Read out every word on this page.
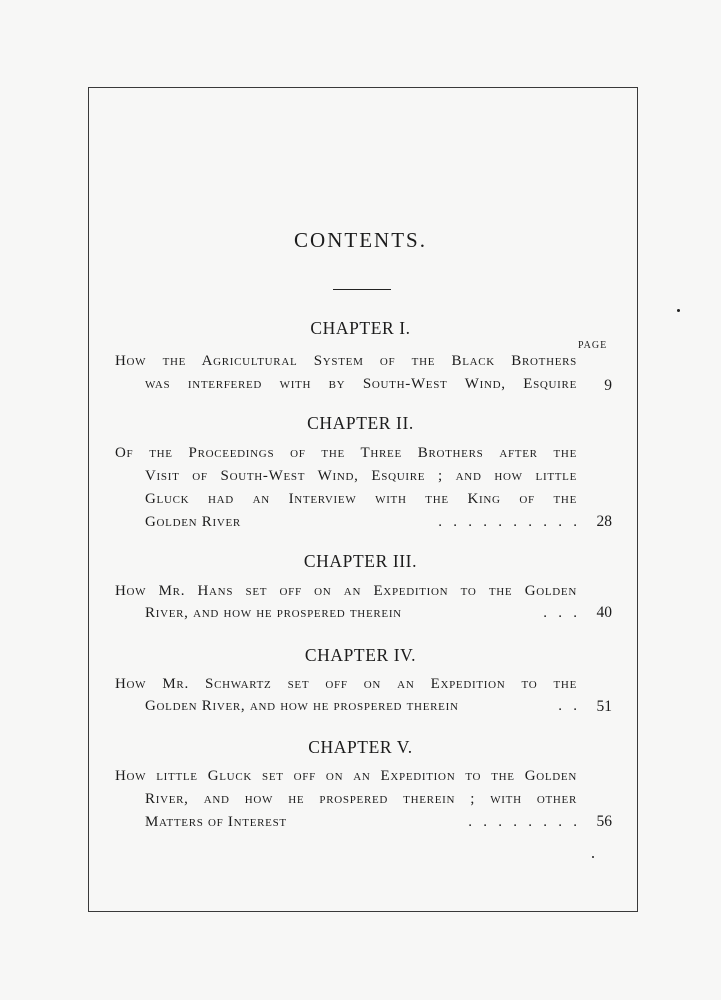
CONTENTS.
PAGE
CHAPTER I.
How the Agricultural System of the Black Brothers
was interfered with by South-West Wind, Esquire	9
CHAPTER II.
Of the Proceedings of the Three Brothers after the
Visit of South-West Wind, Esquire ; and how little
Gluck had an Interview with the King of the
Golden River	.   .   .   .   .   .   .   .   .   .	28
CHAPTER III.
How Mr. Hans set off on an Expedition to the Golden
River, and how he prospered therein	.   .   .	40
CHAPTER IV.
How Mr. Schwartz set off on an Expedition to the
Golden River, and how he prospered therein	.   .	51
CHAPTER V.
How little Gluck set off on an Expedition to the Golden
River, and how he prospered therein ; with other
Matters of Interest	.   .   .   .   .   .   .   .	56
